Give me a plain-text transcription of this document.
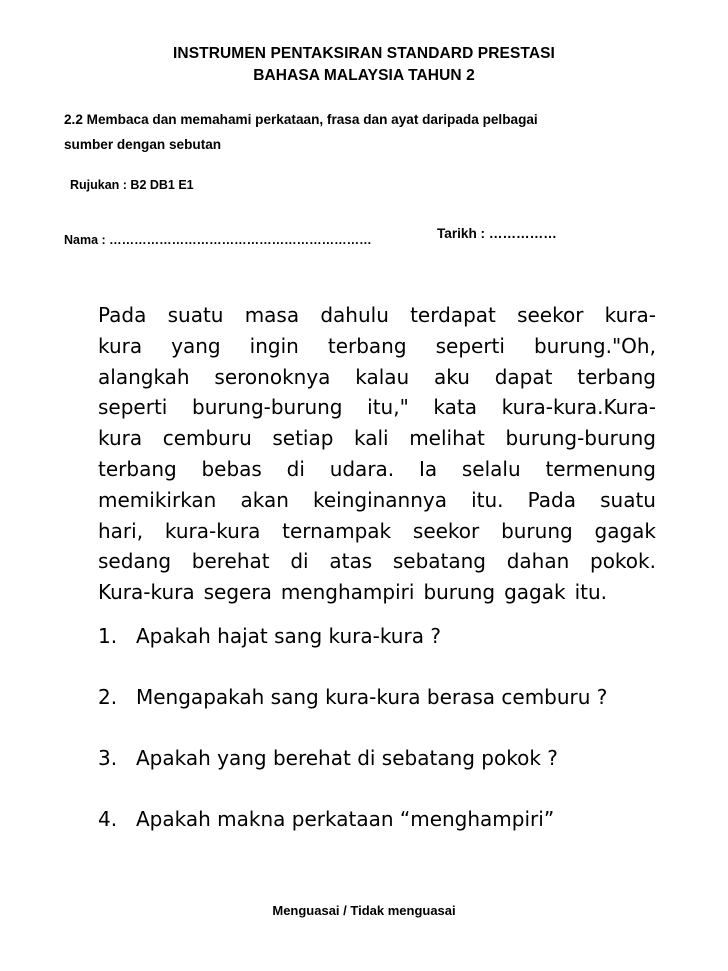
INSTRUMEN PENTAKSIRAN STANDARD PRESTASI
BAHASA MALAYSIA TAHUN 2
2.2 Membaca dan memahami perkataan, frasa dan ayat daripada pelbagai
sumber dengan sebutan
Rujukan : B2 DB1 E1
Nama : ………………………………………………………	Tarikh : ……………
Pada suatu masa dahulu terdapat seekor kura-
kura yang ingin terbang seperti burung."Oh,
alangkah seronoknya kalau aku dapat terbang
seperti burung-burung itu," kata kura-kura.Kura-
kura cemburu setiap kali melihat burung-burung
terbang bebas di udara. Ia selalu termenung
memikirkan akan keinginannya itu. Pada suatu
hari, kura-kura ternampak seekor burung gagak
sedang berehat di atas sebatang dahan pokok.
Kura-kura segera menghampiri burung gagak itu.
1. Apakah hajat sang kura-kura ?
2. Mengapakah sang kura-kura berasa cemburu ?
3. Apakah yang berehat di sebatang pokok ?
4. Apakah makna perkataan “menghampiri”
Menguasai / Tidak menguasai
